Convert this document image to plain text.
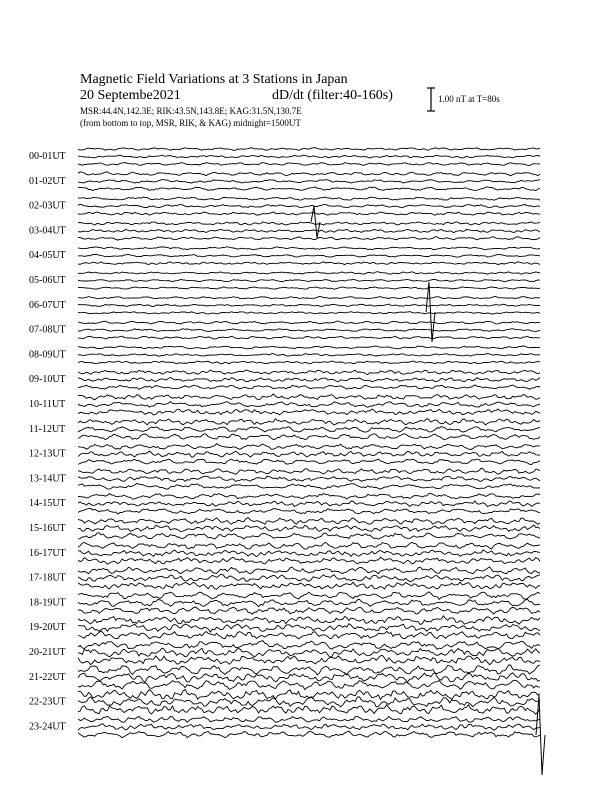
Magnetic Field Variations at 3 Stations in Japan
20 Septembe2021	dD/dt (filter:40-160s)
MSR:44.4N,142.3E; RIK:43.5N,143.8E; KAG:31.5N,130.7E
(from bottom to top, MSR, RIK, & KAG) midnight=1500UT
1.00 nT at T=80s
00-01UT
01-02UT
02-03UT
03-04UT
04-05UT
05-06UT
06-07UT
07-08UT
08-09UT
09-10UT
10-11UT
11-12UT
12-13UT
13-14UT
14-15UT
15-16UT
16-17UT
17-18UT
18-19UT
19-20UT
20-21UT
21-22UT
22-23UT
23-24UT
